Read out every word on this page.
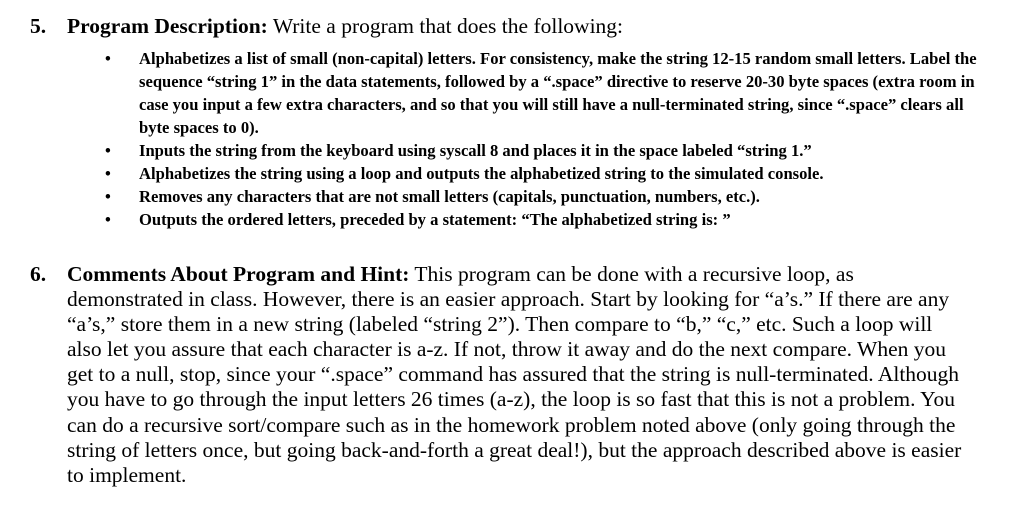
5. Program Description: Write a program that does the following:
• Alphabetizes a list of small (non-capital) letters. For consistency, make the string 12-15 random small letters. Label the sequence “string 1” in the data statements, followed by a “.space” directive to reserve 20-30 byte spaces (extra room in case you input a few extra characters, and so that you will still have a null-terminated string, since “.space” clears all byte spaces to 0).
• Inputs the string from the keyboard using syscall 8 and places it in the space labeled “string 1.”
• Alphabetizes the string using a loop and outputs the alphabetized string to the simulated console.
• Removes any characters that are not small letters (capitals, punctuation, numbers, etc.).
• Outputs the ordered letters, preceded by a statement: “The alphabetized string is: ”
6. Comments About Program and Hint: This program can be done with a recursive loop, as demonstrated in class. However, there is an easier approach. Start by looking for “a’s.” If there are any “a’s,” store them in a new string (labeled “string 2”). Then compare to “b,” “c,” etc. Such a loop will also let you assure that each character is a-z. If not, throw it away and do the next compare. When you get to a null, stop, since your “.space” command has assured that the string is null-terminated. Although you have to go through the input letters 26 times (a-z), the loop is so fast that this is not a problem. You can do a recursive sort/compare such as in the homework problem noted above (only going through the string of letters once, but going back-and-forth a great deal!), but the approach described above is easier to implement.
